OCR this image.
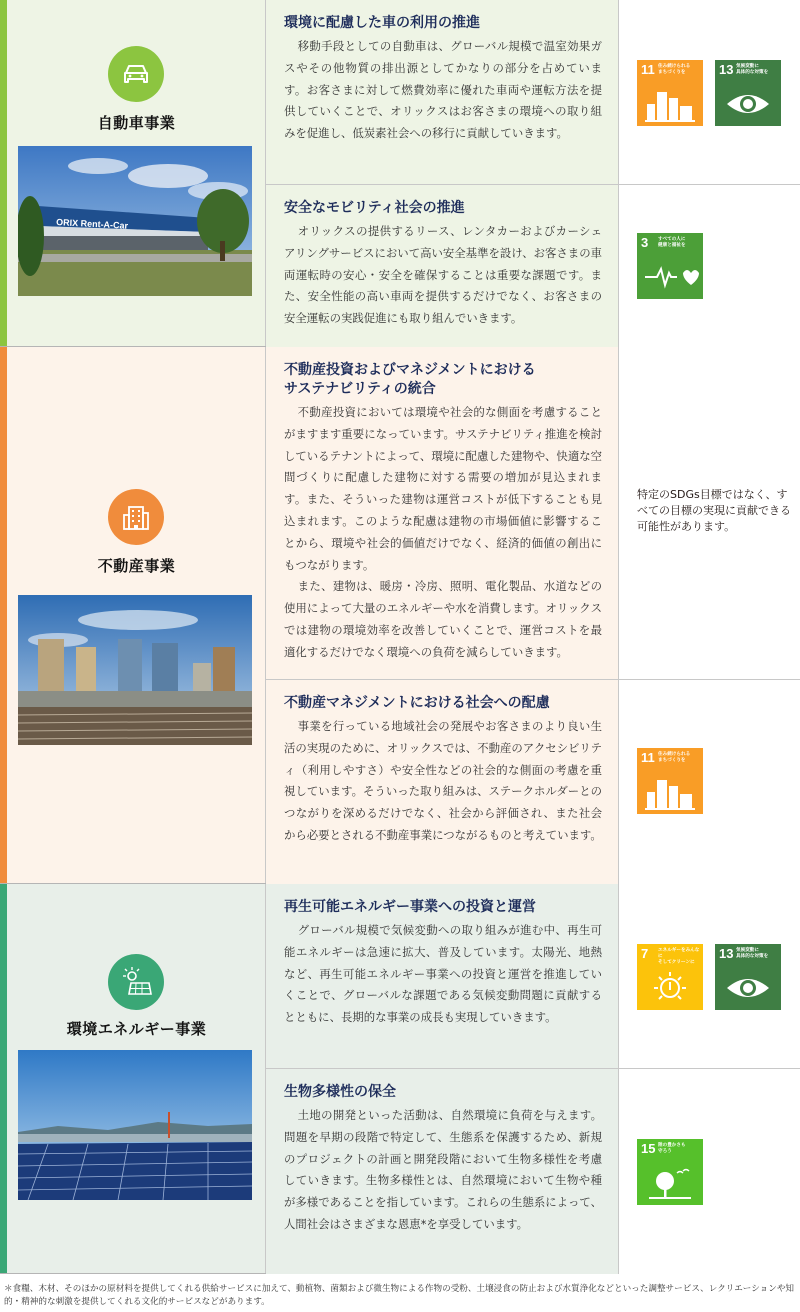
自動車事業
ORIX Rent-A-Car
環境に配慮した車の利用の推進

移動手段としての自動車は、グローバル規模で温室効果ガスやその他物質の排出源としてかなりの部分を占めています。お客さまに対して燃費効率に優れた車両や運転方法を提供していくことで、オリックスはお客さまの環境への取り組みを促進し、低炭素社会への移行に貢献していきます。

11 住み続けられる
まちづくりを	13 気候変動に
具体的な対策を
安全なモビリティ社会の推進

オリックスの提供するリース、レンタカーおよびカーシェアリングサービスにおいて高い安全基準を設け、お客さまの車両運転時の安心・安全を確保することは重要な課題です。また、安全性能の高い車両を提供するだけでなく、お客さまの安全運転の実践促進にも取り組んでいきます。

3 すべての人に
健康と福祉を
不動産事業
不動産投資およびマネジメントにおける
サステナビリティの統合

不動産投資においては環境や社会的な側面を考慮することがますます重要になっています。サステナビリティ推進を検討しているテナントによって、環境に配慮した建物や、快適な空間づくりに配慮した建物に対する需要の増加が見込まれます。また、そういった建物は運営コストが低下することも見込まれます。このような配慮は建物の市場価値に影響することから、環境や社会的価値だけでなく、経済的価値の創出にもつながります。

また、建物は、暖房・冷房、照明、電化製品、水道などの使用によって大量のエネルギーや水を消費します。オリックスでは建物の環境効率を改善していくことで、運営コストを最適化するだけでなく環境への負荷を減らしていきます。

特定のSDGs目標ではなく、すべての目標の実現に貢献できる可能性があります。

不動産マネジメントにおける社会への配慮

事業を行っている地域社会の発展やお客さまのより良い生活の実現のために、オリックスでは、不動産のアクセシビリティ（利用しやすさ）や安全性などの社会的な側面の考慮を重視しています。そういった取り組みは、ステークホルダーとのつながりを深めるだけでなく、社会から評価され、また社会から必要とされる不動産事業につながるものと考えています。

11 住み続けられる
まちづくりを
環境エネルギー事業
再生可能エネルギー事業への投資と運営

グローバル規模で気候変動への取り組みが進む中、再生可能エネルギーは急速に拡大、普及しています。太陽光、地熱など、再生可能エネルギー事業への投資と運営を推進していくことで、グローバルな課題である気候変動問題に貢献するとともに、長期的な事業の成長も実現していきます。

7 エネルギーをみんなに
そしてクリーンに
13 気候変動に
具体的な対策を
生物多様性の保全

土地の開発といった活動は、自然環境に負荷を与えます。問題を早期の段階で特定して、生態系を保護するため、新規のプロジェクトの計画と開発段階において生物多様性を考慮していきます。生物多様性とは、自然環境において生物や種が多様であることを指しています。これらの生態系によって、人間社会はさまざまな恩恵*を享受しています。

15 陸の豊かさも
守ろう

＊食糧、木材、そのほかの原材料を提供してくれる供給サービスに加えて、動植物、菌類および微生物による作物の受粉、土壌浸食の防止および水質浄化などといった調整サービス、レクリエーションや知的・精神的な刺激を提供してくれる文化的サービスなどがあります。
